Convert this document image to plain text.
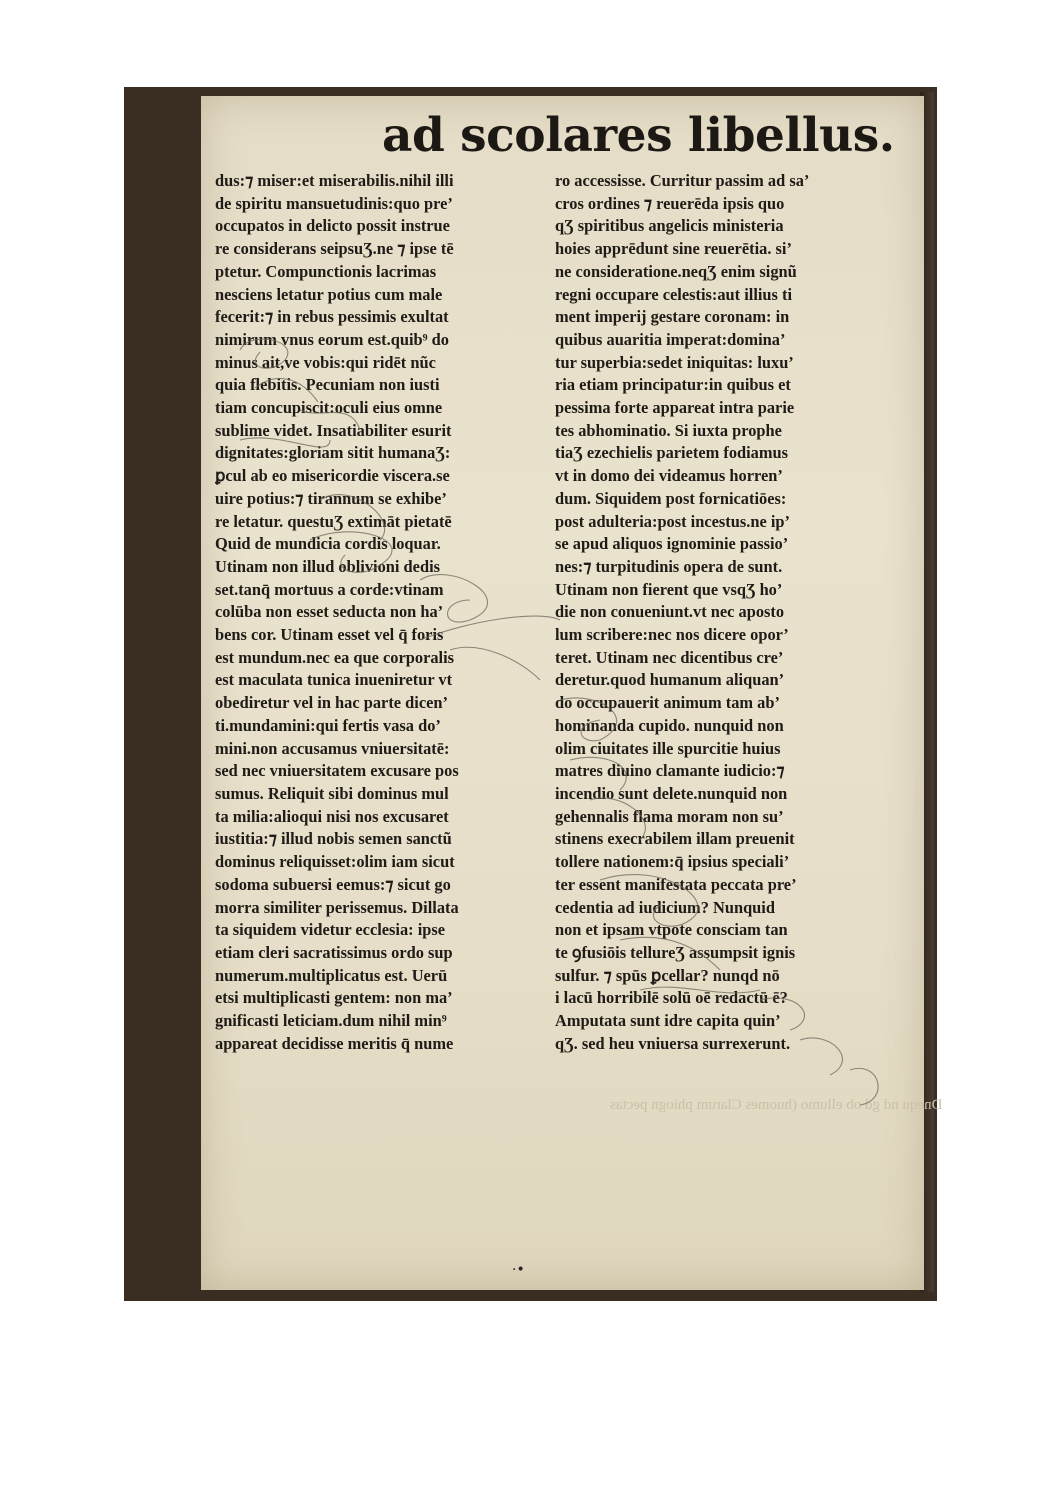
ad scolares libellus.
dus:⁊ miser:et miserabilis.nihil illi
de spiritu mansuetudinis:quo pre’
occupatos in delicto possit instrue
re considerans seipsuƷ.ne ⁊ ipse tē
ptetur. Compunctionis lacrimas
nesciens letatur potius cum male
fecerit:⁊ in rebus pessimis exultat
nimirum vnus eorum est.quib⁹ do
minus ait,ve vobis:qui ridēt nũc
quia flebitis. Pecuniam non iusti
tiam concupiscit:oculi eius omne
sublime videt. Insatiabiliter esurit
dignitates:gloriam sitit humanaƷ:
ꝑcul ab eo misericordie viscera.se
uire potius:⁊ tirannum se exhibe’
re letatur. questuƷ extimāt pietatē
Quid de mundicia cordis loquar.
Utinam non illud oblivioni dedis
set.tanq̄ mortuus a corde:vtinam
colūba non esset seducta non ha’
bens cor. Utinam esset vel q̄ foris
est mundum.nec ea que corporalis
est maculata tunica inueniretur vt
obediretur vel in hac parte dicen’
ti.mundamini:qui fertis vasa do’
mini.non accusamus vniuersitatē:
sed nec vniuersitatem excusare pos
sumus. Reliquit sibi dominus mul
ta milia:alioqui nisi nos excusaret
iustitia:⁊ illud nobis semen sanctũ
dominus reliquisset:olim iam sicut
sodoma subuersi eemus:⁊ sicut go
morra similiter perissemus. Dillata
ta siquidem videtur ecclesia: ipse
etiam cleri sacratissimus ordo sup
numerum.multiplicatus est. Uerū
etsi multiplicasti gentem: non ma’
gnificasti leticiam.dum nihil min⁹
appareat decidisse meritis q̄ nume
ro accessisse. Curritur passim ad sa’
cros ordines ⁊ reuerēda ipsis quo
qƷ spiritibus angelicis ministeria
hoies apprēdunt sine reuerētia. si’
ne consideratione.neqƷ enim signũ
regni occupare celestis:aut illius ti
ment imperij gestare coronam: in
quibus auaritia imperat:domina’
tur superbia:sedet iniquitas: luxu’
ria etiam principatur:in quibus et
pessima forte appareat intra parie
tes abhominatio. Si iuxta prophe
tiaƷ ezechielis parietem fodiamus
vt in domo dei videamus horren’
dum. Siquidem post fornicatiōes:
post adulteria:post incestus.ne ip’
se apud aliquos ignominie passio’
nes:⁊ turpitudinis opera de sunt.
Utinam non fierent que vsqƷ ho’
die non conueniunt.vt nec aposto
lum scribere:nec nos dicere opor’
teret. Utinam nec dicentibus cre’
deretur.quod humanum aliquan’
do occupauerit animum tam ab’
hominanda cupido. nunquid non
olim ciuitates ille spurcitie huius
matres diuino clamante iudicio:⁊
incendio sunt delete.nunquid non
gehennalis flama moram non su’
stinens execrabilem illam preuenit
tollere nationem:q̄ ipsius speciali’
ter essent manifestata peccata pre’
cedentia ad iudicium? Nunquid
non et ipsam vtpote consciam tan
te ꝯfusiōis tellureƷ assumpsit ignis
sulfur. ⁊ spūs ꝑcellar? nunqd nō
i lacū horribilē solū oē redactū ē?
Amputata sunt idre capita quin’
qƷ. sed heu vniuersa surrexerunt.
Dnequ nd gd ob ellumo (huomes Clarum phiogn pectas
·•
